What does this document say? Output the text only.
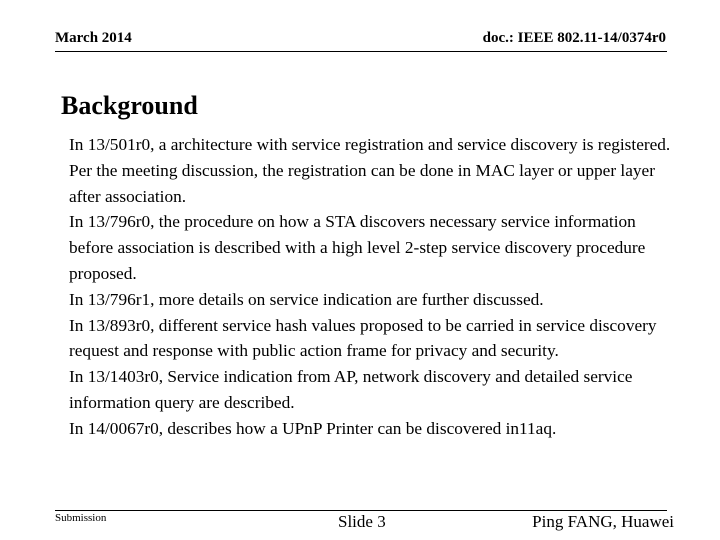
March 2014	doc.: IEEE 802.11-14/0374r0
Background
In 13/501r0, a architecture with service registration and service discovery is registered. Per the meeting discussion, the registration can be done in MAC layer or upper layer after association.
In 13/796r0, the procedure on how a STA discovers necessary service information before association is described with a high level 2-step service discovery procedure proposed.
In 13/796r1, more details on service indication are further discussed.
In 13/893r0, different service hash values proposed to be carried in service discovery request and response with public action frame for privacy and security.
In 13/1403r0, Service indication from AP, network discovery and detailed service information query are described.
In 14/0067r0, describes how a UPnP Printer can be discovered in11aq.
Submission	Slide 3	Ping FANG, Huawei
